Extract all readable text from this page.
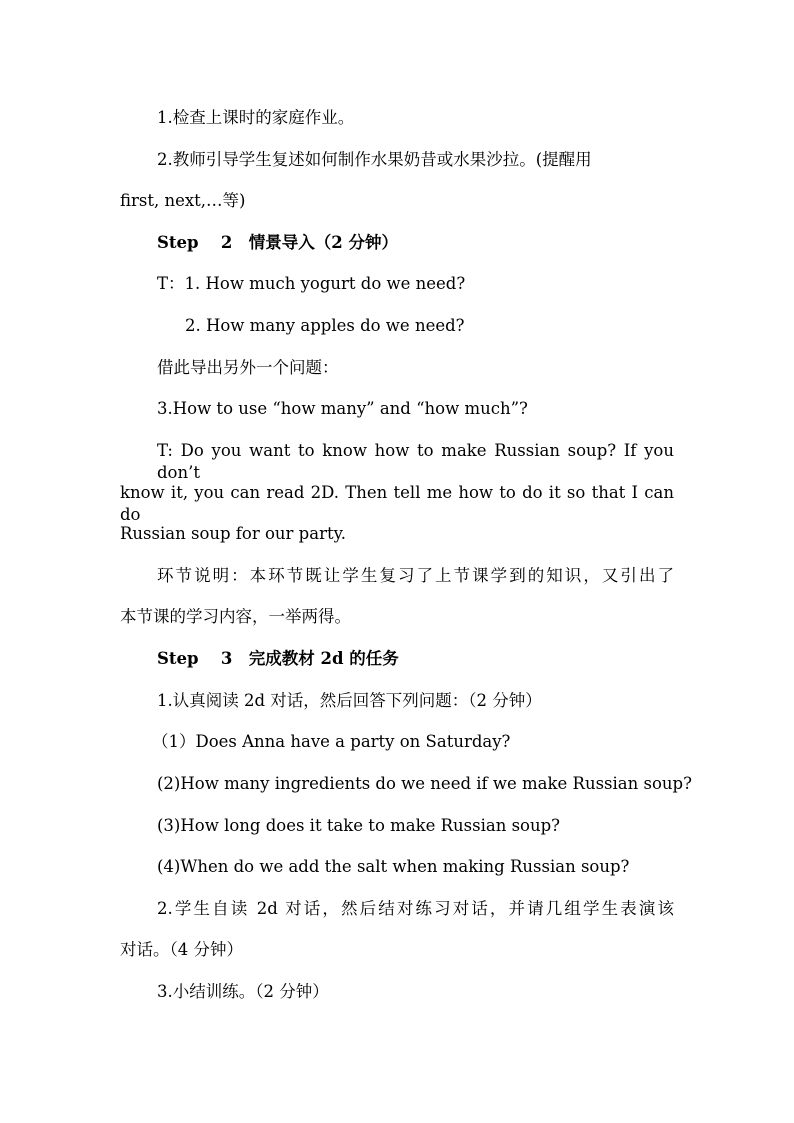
1.检查上课时的家庭作业。
2.教师引导学生复述如何制作水果奶昔或水果沙拉。(提醒用
first, next,…等)
Step　 2　情景导入（2 分钟）
T：1. How much yogurt do we need?
2. How many apples do we need?
借此导出另外一个问题：
3.How to use “how many” and “how much”?
T: Do you want to know how to make Russian soup? If you don’t
know it, you can read 2D. Then tell me how to do it so that I can do
Russian soup for our party.
环节说明：本环节既让学生复习了上节课学到的知识，又引出了
本节课的学习内容，一举两得。
Step　 3　完成教材 2d 的任务
1.认真阅读 2d 对话，然后回答下列问题：（2 分钟）
（1）Does Anna have a party on Saturday?
(2)How many ingredients do we need if we make Russian soup?
(3)How long does it take to make Russian soup?
(4)When do we add the salt when making Russian soup?
2.学生自读 2d 对话，然后结对练习对话，并请几组学生表演该
对话。（4 分钟）
3.小结训练。（2 分钟）
